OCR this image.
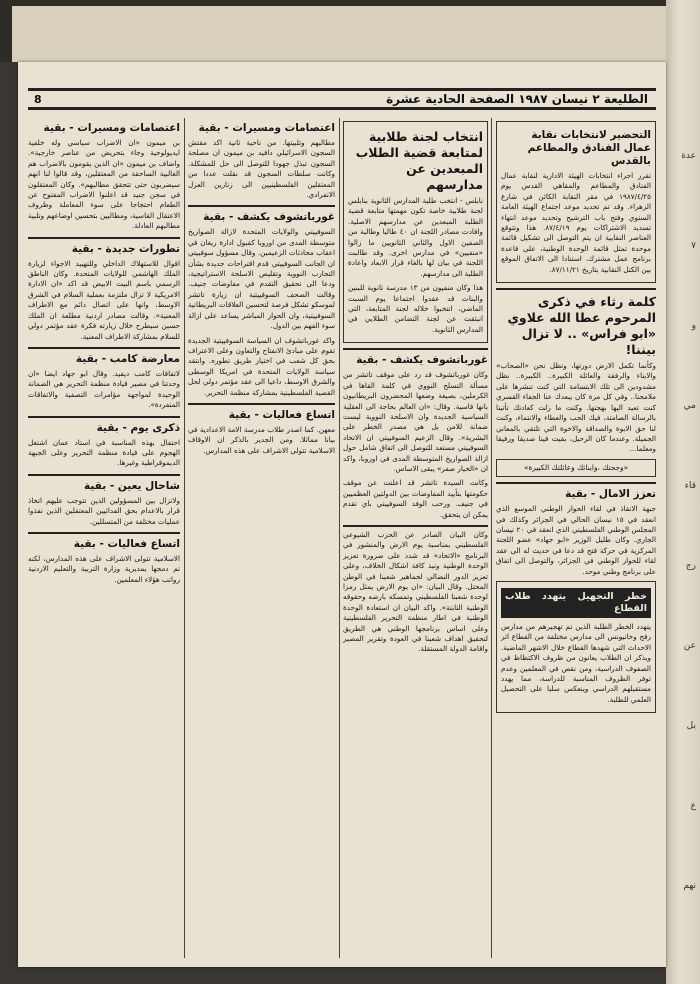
عدة
٧
و
مي
قاء
رج
عن
بل
ع
نهم
الطليعة ٢ نيسان ١٩٨٧ الصفحة الحادية عشرة
8
التحضير لانتخابات نقابة عمال الفنادق والمطاعم بالقدس

تقرر اجراء انتخابات الهيئة الادارية لنقابة عمال الفنادق والمطاعم والمقاهي القدس يوم ١٩٨٧/٤/٢٥ في مقر النقابة الكائن في شارع الزهراء. وقد تم تحديد موعد اجتماع الهيئة العامة السنوي وفتح باب الترشيح وتحديد موعد انتهاء تسديد الاشتراكات يوم ٨٧/٤/١٩. هذا وتتوقع العناصر النقابية ان يتم التوصل الى تشكيل قائمة موحدة تمثل قائمة الوحدة الوطنية، على قاعدة برنامج عمل مشترك، استنادا الى الاتفاق الموقع بين الكتل النقابية بتاريخ ٨٧/١١/٢١.

كلمة رثاء في ذكرى المرحوم عطا الله علاوي «ابو فراس» .. لا تزال بيننا!

وكأنما تكمل الارض دورتها، وتظل نحن «الصحاب» والابناء والرفقة والعائلة الكبيرة.. الكبيرة.. نظل مشدودين الى تلك الابتسامة التي كنت تنشرها على ملامحنا.. وفي كل مرة كان يبعدك عنا الجفاء القسري كنت تعيد اليها بهجتها. وكنت ما زلت كعادتك تأتينا بالرسالة الصامتة، فيك الحب والعطاء والانتماء، وكنت لنا حق الابوة والصداقة والاخوة التي تلتقي بالمعاني الجميلة. وعندما كان الرحيل، بقيت فينا صديقا ورفيقا ومعلما...

«وجحتك ،وابنائك وعائلتك الكبيرة»
تعزز الامال - بقية

جبهة الانقاذ في لقاء الحوار الوطني الموسع الذي انعقد في ١٥ نيسان الحالي في الجزائر وكذلك في المجلس الوطني الفلسطيني الذي انعقد في ٢٠ نيسان الجاري. وكان طليل الوزير «ابو جهاد» عضو اللجنة المركزية في حركة فتح قد دعا في حديث له الى عقد لقاء للحوار الوطني في الجزائر، والتوصل الى اتفاق على برنامج وطني موحد.

خطر التجهيل يتهدد طلاب القطاع

يتهدد الخطر الطلبة الذين تم تهجيرهم من مدارس رفح وخانيونس الى مدارس مختلفة من القطاع اثر الاحداث التي شهدها القطاع خلال الاشهر الماضية. ويذكر ان الطلاب يعانون من ظروف الاكتظاظ في الصفوف الدراسية، ومن نقص في المعلمين وعدم توفر الظروف المناسبة للدراسة، مما يهدد مستقبلهم الدراسي وينعكس سلبا على التحصيل العلمي للطلبة.

انتخاب لجنة طلابية لمتابعة قضية الطلاب المبعدين عن مدارسهم

نابلس - انتخب طلبة المدارس الثانوية بنابلس لجنة طلابية خاصة تكون مهمتها متابعة قضية الطلبة المبعدين عن مدارسهم الاصلية. وافادت مصادر اللجنة ان ٤٠ طالبا وطالبة من الصفين الاول والثاني الثانويين ما زالوا «منفيين» في مدارس اخرى. وقد طالبت اللجنة في بيان لها بالغاء قرار الابعاد واعادة الطلبة الى مدارسهم.

هذا وكان منفيون من ١٣ مدرسة ثانوية للبنين والبنات قد عقدوا اجتماعا يوم السبت الماضي، انتخبوا خلاله لجنة المتابعة، التي انبثقت عن لجنة التضامن الطلابي في المدارس الثانوية.

غورباتشوف يكشف - بقية

وكان غورباتشوف قد رد على موقف تاتشر من مسألة التسلح النووي في كلمة القاها في الكرملين، بصيغة وضعها المحضرون البريطانيون بانها قاسية. وقال: «ان العالم بحاجة الى العقلية السياسية الجديدة وان الاسلحة النووية ليست ضمانة للامن بل هي مصدر الخطر على البشرية». وقال الزعيم السوفييتي ان الاتحاد السوفييتي مستعد للتوصل الى اتفاق شامل حول ازالة الصواريخ المتوسطة المدى في اوروبا، واكد ان «الخيار صفر» يبقى الاساس.

وكانت السيدة تاتشر قد اعلنت عن موقف حكومتها بتأييد المفاوضات بين الدولتين العظميين في جنيف. ورحب الوفد السوفييتي باي تقدم يمكن ان يتحقق.

وكان البيان الصادر عن الحزب الشيوعي الفلسطيني بمناسبة يوم الارض والمنشور في البرنامج «الاتحاد» قد شدد على ضرورة تعزيز الوحدة الوطنية ونبذ كافة اشكال الخلاف، وعلى تعزيز الدور النضالي لجماهير شعبنا في الوطن المحتل. وقال البيان: «ان يوم الارض يمثل رمزا لوحدة شعبنا الفلسطيني وتمسكه بارضه وحقوقه الوطنية الثابتة». واكد البيان ان استعادة الوحدة الوطنية في اطار منظمة التحرير الفلسطينية وعلى اساس برنامجها الوطني هي الطريق لتحقيق اهداف شعبنا في العودة وتقرير المصير واقامة الدولة المستقلة.

اعتصامات ومسيرات - بقية

مطالبهم وتلبيتها. من ناحية ثانية اكد مقتش السجون الاسرائيلي دافيد بن ميمون ان مصلحة السجون تبذل جهودا للتوصل الى حل للمشكلة. وكانت سلطات السجون قد نقلت عددا من المعتقلين الفلسطينيين الى زنازين العزل الانفرادي.

غورباتشوف يكشف - بقية

السوفييتي والولايات المتحدة لازالة الصواريخ متوسطة المدى من اوروبا كقبول ادارة ريغان في اعقاب محادثات الزعيمين. وقال مسؤول سوفييتي ان الجانب السوفييتي قدم اقتراحات جديدة بشأن التجارب النووية وتقليص الاسلحة الاستراتيجية، ودعا الى تحقيق التقدم في مفاوضات جنيف. وقالت الصحف السوفييتية ان زيارة تاتشر لموسكو تشكل فرصة لتحسين العلاقات البريطانية السوفييتية، وان الحوار المباشر يساعد على ازالة سوء الفهم بين الدول.

واكد غورباتشوف ان السياسة السوفييتية الجديدة تقوم على مبادئ الانفتاح والتعاون وعلى الاعتراف بحق كل شعب في اختيار طريق تطوره. وانتقد سياسة الولايات المتحدة في امريكا الوسطى والشرق الاوسط، داعيا الى عقد مؤتمر دولي لحل القضية الفلسطينية بمشاركة منظمة التحرير.

اتساع فعاليات - بقية

معهن. كما اصدر طلاب مدرسة الامة الاعدادية في بيانا مماثلا. ومن الجدير بالذكر ان الاوقاف الاسلامية تتولى الاشراف على هذه المدارس.

اعتصامات ومسيرات - بقية

بن ميمون «ان الاضراب سياسي وله خلفية ايديولوجية وجاء بتحريض من عناصر خارجية». واضاف بن ميمون «ان الذين يقومون بالاضراب هم الغالبية الساحقة من المعتقلين، وقد قالوا لنا انهم سيضربون حتى تتحقق مطالبهم». وكان المعتقلون في سجن جنيد قد اعلنوا الاضراب المفتوح عن الطعام احتجاجا على سوء المعاملة وظروف الاعتقال القاسية، ومطالبين بتحسين اوضاعهم وتلبية مطالبهم العادلة.

تطورات جديدة - بقية

اقوال للاستهلاك الداخلي وللتهييد الاجواء لزيارة الملك الهاشمي للولايات المتحدة. وكان الناطق الرسمي باسم البيت الابيض قد اكد «ان الادارة الامريكية لا تزال ملتزمة بعملية السلام في الشرق الاوسط، وانها على اتصال دائم مع الاطراف المعنية». وقالت مصادر اردنية مطلعة ان الملك حسين سيطرح خلال زيارته فكرة عقد مؤتمر دولي للسلام بمشاركة الاطراف المعنية.

معارضة كامب - بقية

لاتفاقات كامب ديفيد. وقال ابو جهاد ايضا «ان وحدتنا في مصير قيادة منظمة التحرير هي الضمانة الوحيدة لمواجهة مؤامرات التصفية والاتفاقات المنفردة».

ذكرى يوم - بقية

احتفال بهذه المناسبة في استاد عمان اشتغل الهجوم على قيادة منظمة التحرير وعلى الجبهة الديموقراطية وغيرها.

شاحال يعين - بقية

ولاتزال بين المسؤولين الذين تتوجب عليهم اتخاذ قرار بالاعدام بحق الفدائيين المعتقلين الذين نفذوا عمليات مختلفة من المتسللين.

اتساع فعاليات - بقية

الاسلامية تتولى الاشراف على هذه المدارس، لكنه تم دمجها بمديرية وزارة التربية والتعليم الاردنية رواتب هؤلاء المعلمين.
